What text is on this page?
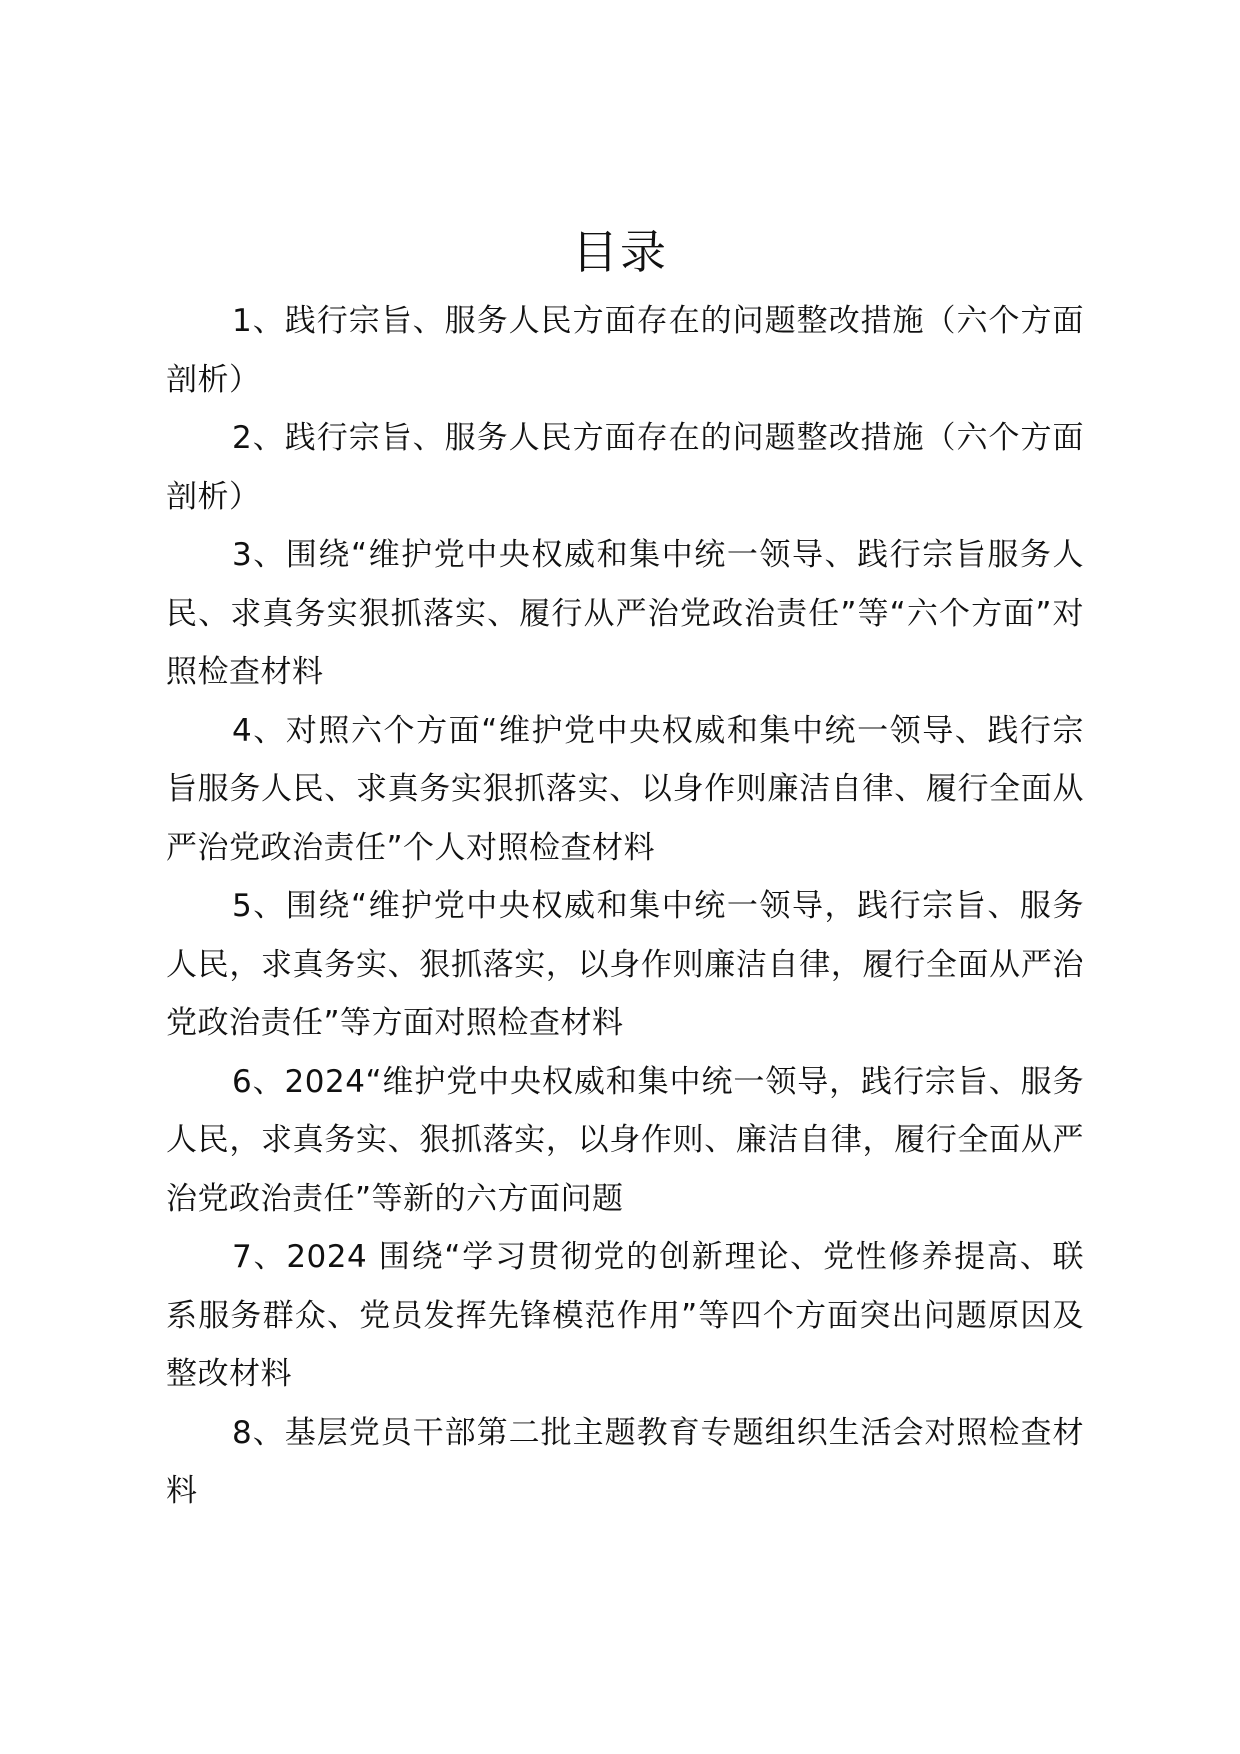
目录
1、践行宗旨、服务人民方面存在的问题整改措施（六个方面剖析）
2、践行宗旨、服务人民方面存在的问题整改措施（六个方面剖析）
3、围绕“维护党中央权威和集中统一领导、践行宗旨服务人民、求真务实狠抓落实、履行从严治党政治责任”等“六个方面”对照检查材料
4、对照六个方面“维护党中央权威和集中统一领导、践行宗旨服务人民、求真务实狠抓落实、以身作则廉洁自律、履行全面从严治党政治责任”个人对照检查材料
5、围绕“维护党中央权威和集中统一领导，践行宗旨、服务人民，求真务实、狠抓落实，以身作则廉洁自律，履行全面从严治党政治责任”等方面对照检查材料
6、2024“维护党中央权威和集中统一领导，践行宗旨、服务人民，求真务实、狠抓落实，以身作则、廉洁自律，履行全面从严治党政治责任”等新的六方面问题
7、2024 围绕“学习贯彻党的创新理论、党性修养提高、联系服务群众、党员发挥先锋模范作用”等四个方面突出问题原因及整改材料
8、基层党员干部第二批主题教育专题组织生活会对照检查材料
